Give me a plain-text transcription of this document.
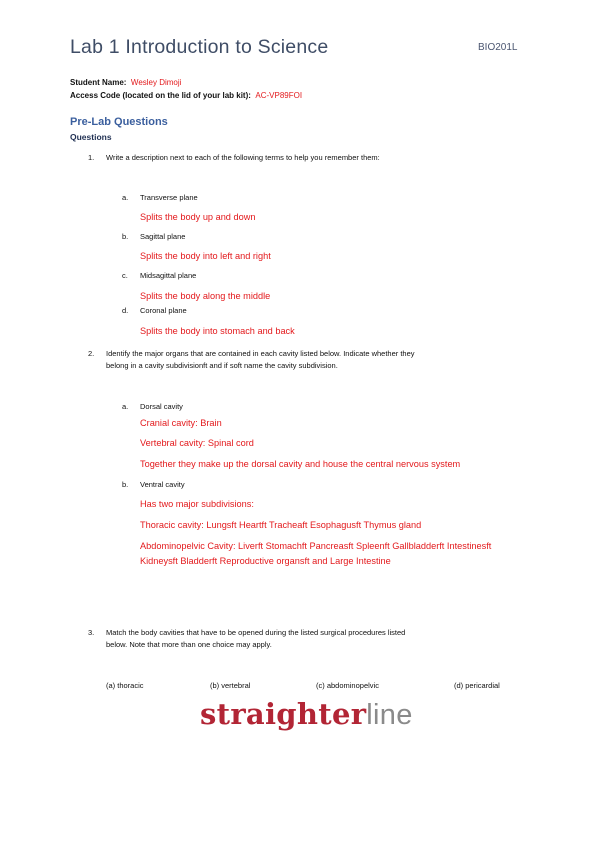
Lab 1 Introduction to Science	BIO201L
Student Name: Wesley Dimoji
Access Code (located on the lid of your lab kit): AC-VP89FOI
Pre-Lab Questions
Questions
1. Write a description next to each of the following terms to help you remember them:
a. Transverse plane
Splits the body up and down
b. Sagittal plane
Splits the body into left and right
c. Midsagittal plane
Splits the body along the middle
d. Coronal plane
Splits the body into stomach and back
2. Identify the major organs that are contained in each cavity listed below. Indicate whether they
belong in a cavity subdivisionft and if soft name the cavity subdivision.
a. Dorsal cavity
Cranial cavity: Brain
Vertebral cavity: Spinal cord
Together they make up the dorsal cavity and house the central nervous system
b. Ventral cavity
Has two major subdivisions:
Thoracic cavity: Lungsft Heartft Tracheaft Esophagusft Thymus gland
Abdominopelvic Cavity: Liverft Stomachft Pancreasft Spleenft Gallbladderft Intestinesft
Kidneysft Bladderft Reproductive organsft and Large Intestine
3. Match the body cavities that have to be opened during the listed surgical procedures listed
below. Note that more than one choice may apply.
(a) thoracic	(b) vertebral	(c) abdominopelvic	(d) pericardial
straighterline
